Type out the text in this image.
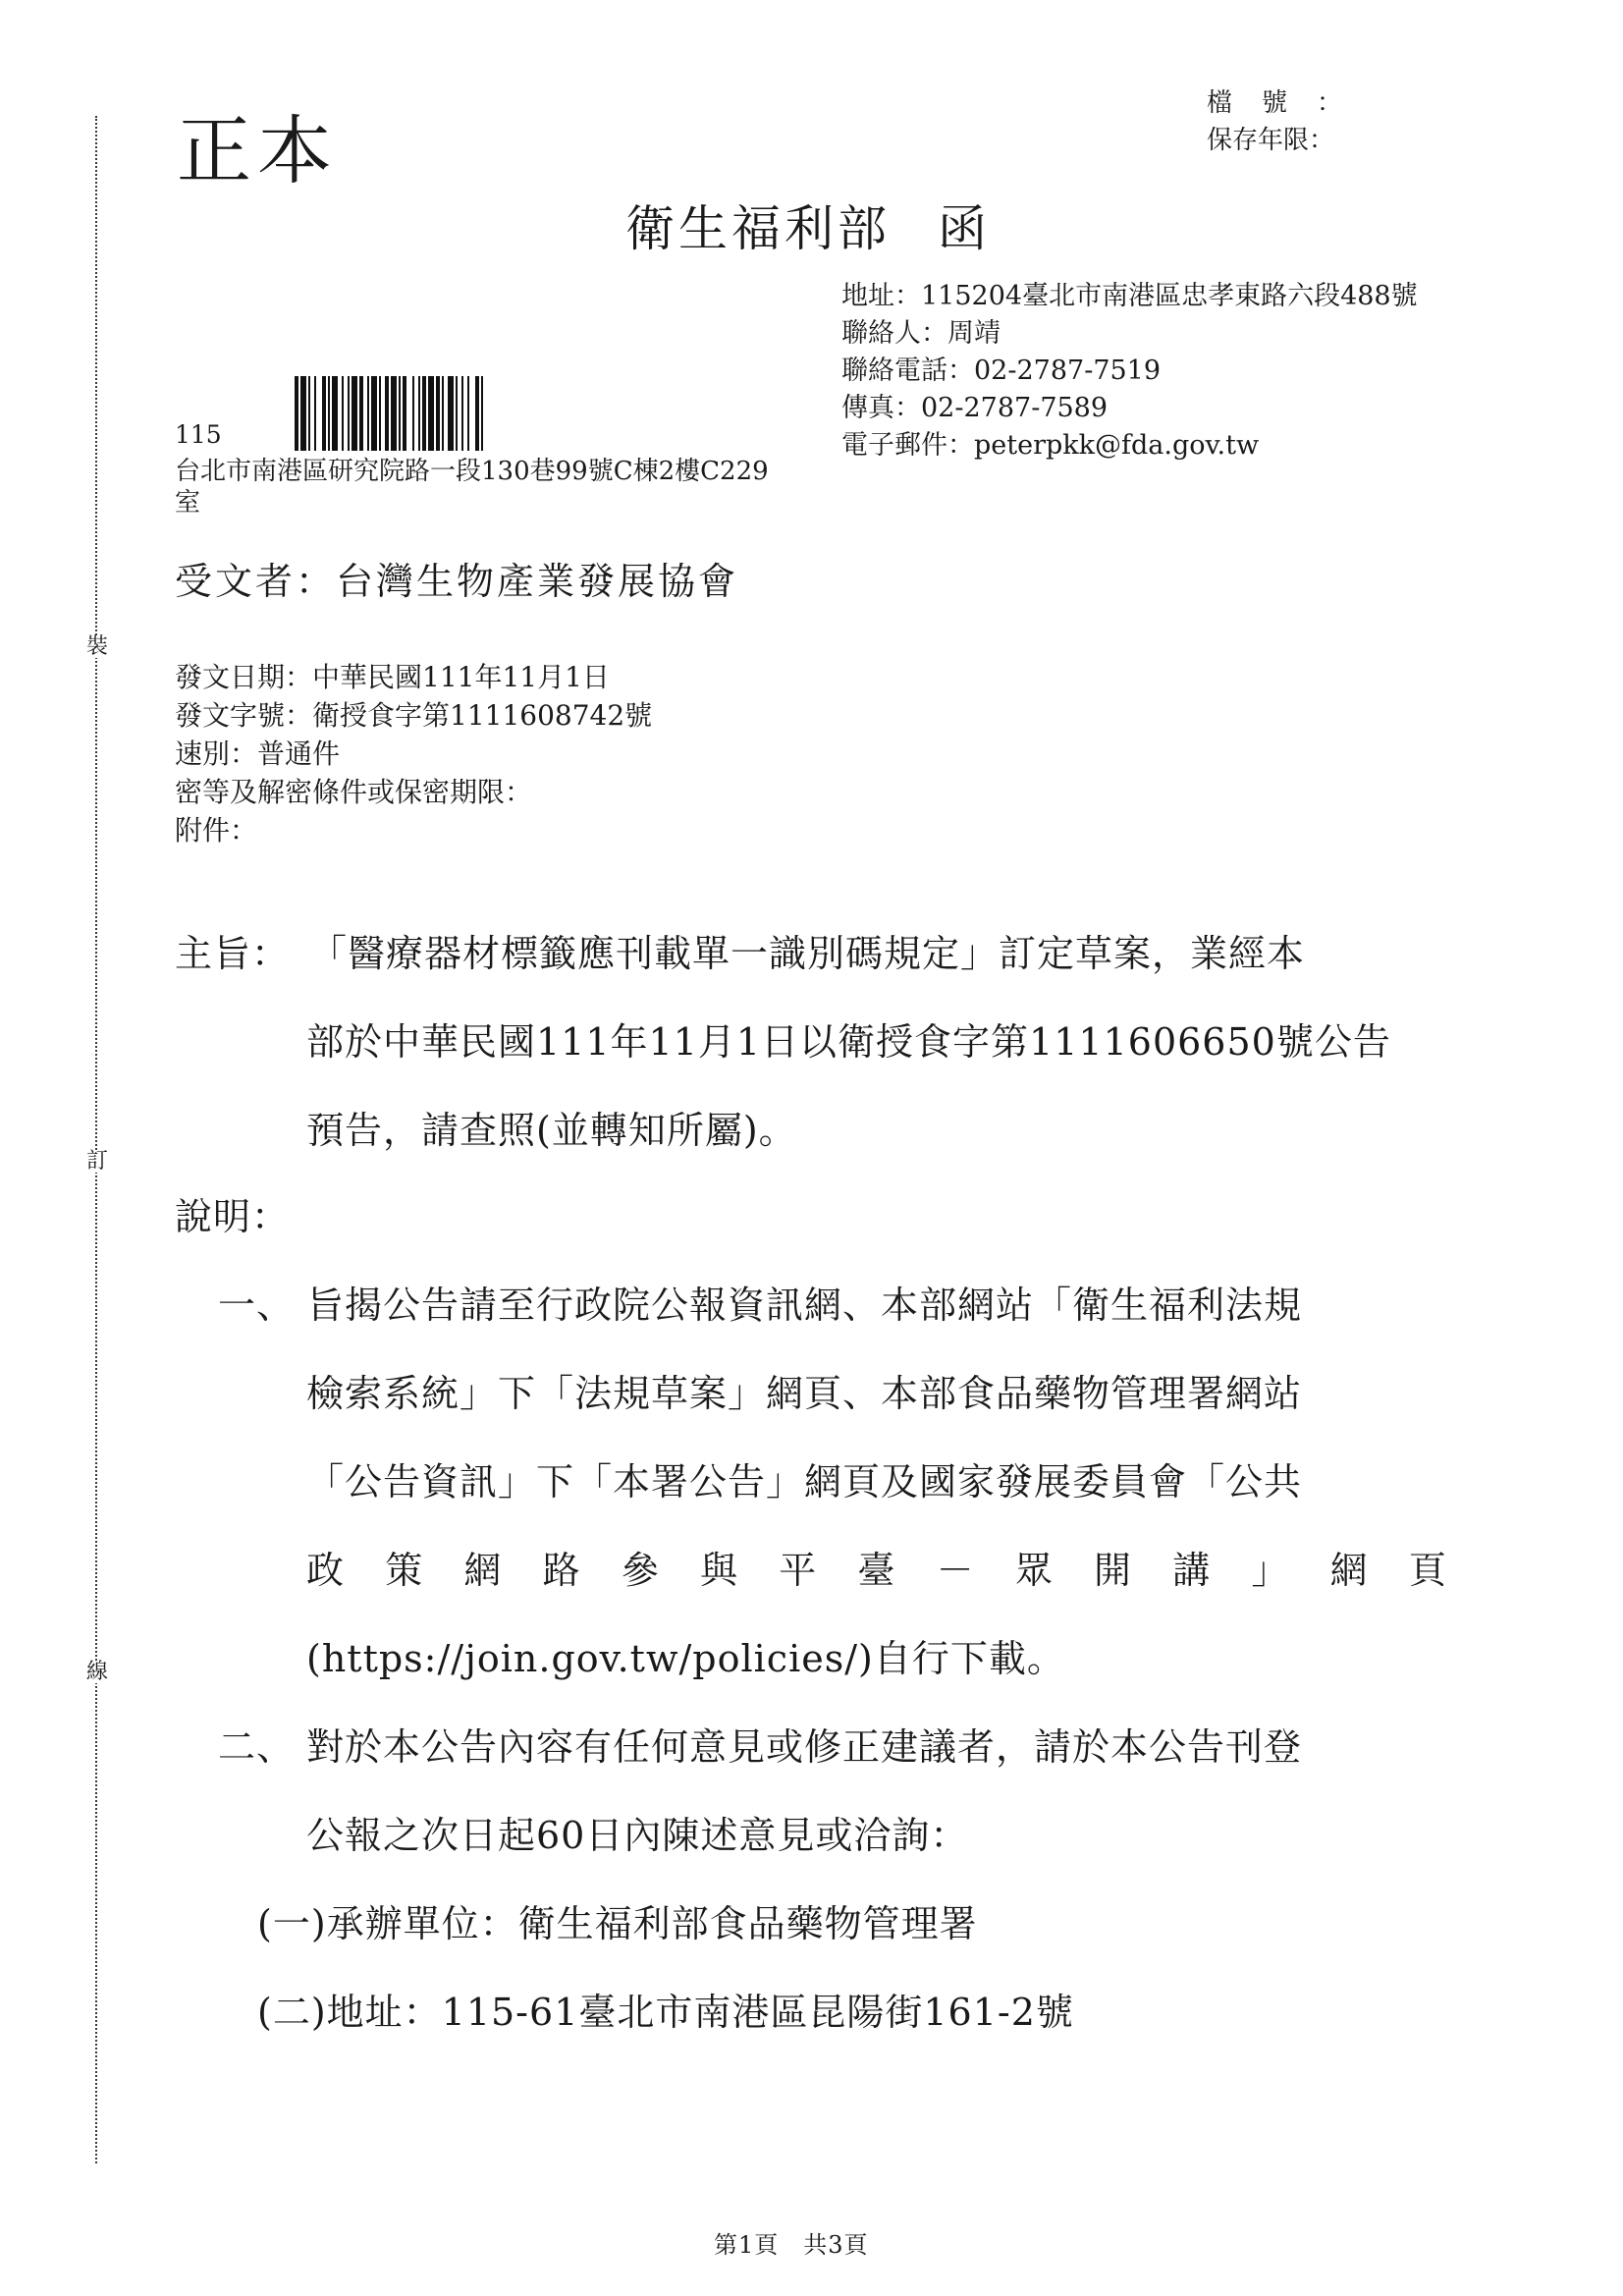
裝
訂
線
正本
檔號：
保存年限：
衛生福利部 函
地址：115204臺北市南港區忠孝東路六段488號
聯絡人：周靖
聯絡電話：02-2787-7519
傳真：02-2787-7589
電子郵件：peterpkk@fda.gov.tw
115
台北市南港區研究院路一段130巷99號C棟2樓C229
室
受文者：台灣生物產業發展協會
發文日期：中華民國111年11月1日
發文字號：衛授食字第1111608742號
速別：普通件
密等及解密條件或保密期限：
附件：
主旨： 「醫療器材標籤應刊載單一識別碼規定」訂定草案，業經本
部於中華民國111年11月1日以衛授食字第1111606650號公告
預告，請查照(並轉知所屬)。
說明：
一、 旨揭公告請至行政院公報資訊網、本部網站「衛生福利法規
檢索系統」下「法規草案」網頁、本部食品藥物管理署網站
「公告資訊」下「本署公告」網頁及國家發展委員會「公共
政 策 網 路 參 與 平 臺 － 眾 開 講 」 網 頁
(https://join.gov.tw/policies/)自行下載。
二、 對於本公告內容有任何意見或修正建議者，請於本公告刊登
公報之次日起60日內陳述意見或洽詢：
(一)承辦單位：衛生福利部食品藥物管理署
(二)地址：115-61臺北市南港區昆陽街161-2號
第1頁　共3頁
